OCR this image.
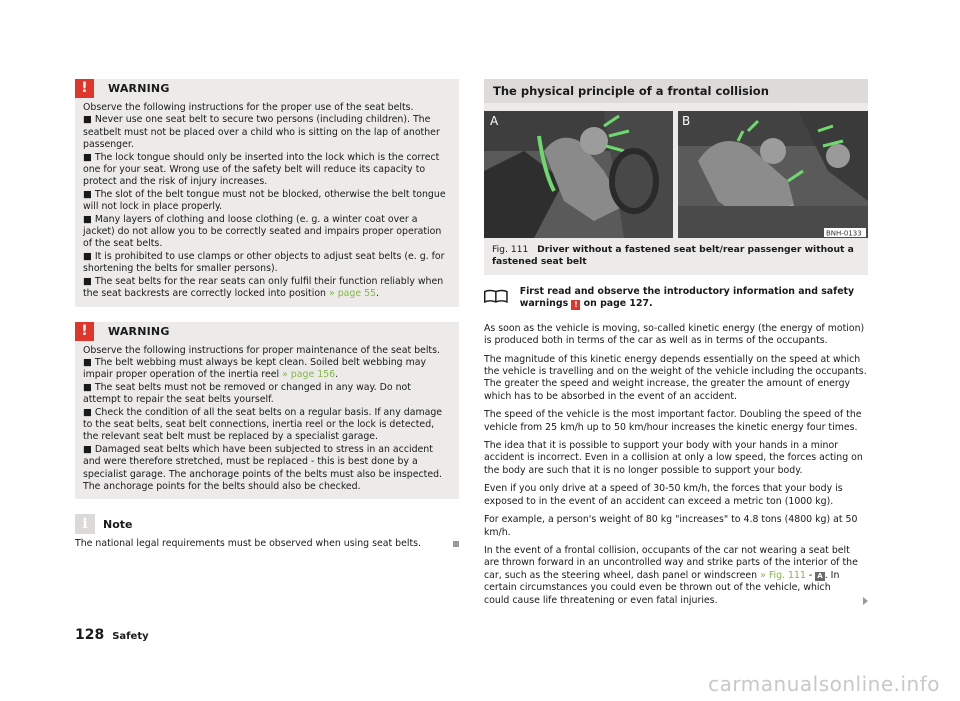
!	WARNING

Observe the following instructions for the proper use of the seat belts.

■ Never use one seat belt to secure two persons (including children). The seatbelt must not be placed over a child who is sitting on the lap of another passenger.

■ The lock tongue should only be inserted into the lock which is the correct one for your seat. Wrong use of the safety belt will reduce its capacity to protect and the risk of injury increases.

■ The slot of the belt tongue must not be blocked, otherwise the belt tongue will not lock in place properly.

■ Many layers of clothing and loose clothing (e. g. a winter coat over a jacket) do not allow you to be correctly seated and impairs proper operation of the seat belts.

■ It is prohibited to use clamps or other objects to adjust seat belts (e. g. for shortening the belts for smaller persons).

■ The seat belts for the rear seats can only fulfil their function reliably when the seat backrests are correctly locked into position » page 55.

!	WARNING

Observe the following instructions for proper maintenance of the seat belts.

■ The belt webbing must always be kept clean. Soiled belt webbing may impair proper operation of the inertia reel » page 156.

■ The seat belts must not be removed or changed in any way. Do not attempt to repair the seat belts yourself.

■ Check the condition of all the seat belts on a regular basis. If any damage to the seat belts, seat belt connections, inertia reel or the lock is detected, the relevant seat belt must be replaced by a specialist garage.

■ Damaged seat belts which have been subjected to stress in an accident and were therefore stretched, must be replaced - this is best done by a specialist garage. The anchorage points of the belts must also be inspected. The anchorage points for the belts should also be checked.

i	Note
The national legal requirements must be observed when using seat belts.
The physical principle of a frontal collision
A	B
BNH-0133
Fig. 111 Driver without a fastened seat belt/rear passenger without a fastened seat belt
First read and observe the introductory information and safety warnings ! on page 127.

As soon as the vehicle is moving, so-called kinetic energy (the energy of motion) is produced both in terms of the car as well as in terms of the occupants.

The magnitude of this kinetic energy depends essentially on the speed at which the vehicle is travelling and on the weight of the vehicle including the occupants. The greater the speed and weight increase, the greater the amount of energy which has to be absorbed in the event of an accident.

The speed of the vehicle is the most important factor. Doubling the speed of the vehicle from 25 km/h up to 50 km/hour increases the kinetic energy four times.

The idea that it is possible to support your body with your hands in a minor accident is incorrect. Even in a collision at only a low speed, the forces acting on the body are such that it is no longer possible to support your body.

Even if you only drive at a speed of 30-50 km/h, the forces that your body is exposed to in the event of an accident can exceed a metric ton (1000 kg).

For example, a person's weight of 80 kg "increases" to 4.8 tons (4800 kg) at 50 km/h.

In the event of a frontal collision, occupants of the car not wearing a seat belt are thrown forward in an uncontrolled way and strike parts of the interior of the car, such as the steering wheel, dash panel or windscreen » Fig. 111 - A . In certain circumstances you could even be thrown out of the vehicle, which could cause life threatening or even fatal injuries.

128 Safety
carmanualsonline.info
